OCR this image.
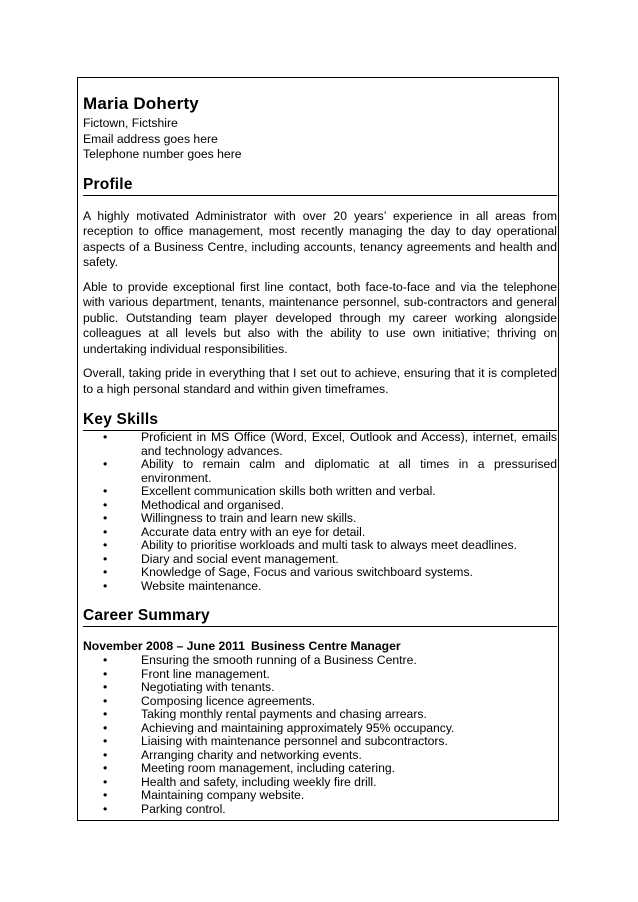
Maria Doherty
Fictown, Fictshire
Email address goes here
Telephone number goes here
Profile

A highly motivated Administrator with over 20 years’ experience in all areas from reception to office management, most recently managing the day to day operational aspects of a Business Centre, including accounts, tenancy agreements and health and safety.

Able to provide exceptional first line contact, both face-to-face and via the telephone with various department, tenants, maintenance personnel, sub-contractors and general public. Outstanding team player developed through my career working alongside colleagues at all levels but also with the ability to use own initiative; thriving on undertaking individual responsibilities.

Overall, taking pride in everything that I set out to achieve, ensuring that it is completed to a high personal standard and within given timeframes.

Key Skills
•	Proficient in MS Office (Word, Excel, Outlook and Access), internet, emails and technology advances.
•	Ability to remain calm and diplomatic at all times in a pressurised environment.
•	Excellent communication skills both written and verbal.
•	Methodical and organised.
•	Willingness to train and learn new skills.
•	Accurate data entry with an eye for detail.
•	Ability to prioritise workloads and multi task to always meet deadlines.
•	Diary and social event management.
•	Knowledge of Sage, Focus and various switchboard systems.
•	Website maintenance.
Career Summary
November 2008 – June 2011 Business Centre Manager
•	Ensuring the smooth running of a Business Centre.
•	Front line management.
•	Negotiating with tenants.
•	Composing licence agreements.
•	Taking monthly rental payments and chasing arrears.
•	Achieving and maintaining approximately 95% occupancy.
•	Liaising with maintenance personnel and subcontractors.
•	Arranging charity and networking events.
•	Meeting room management, including catering.
•	Health and safety, including weekly fire drill.
•	Maintaining company website.
•	Parking control.
